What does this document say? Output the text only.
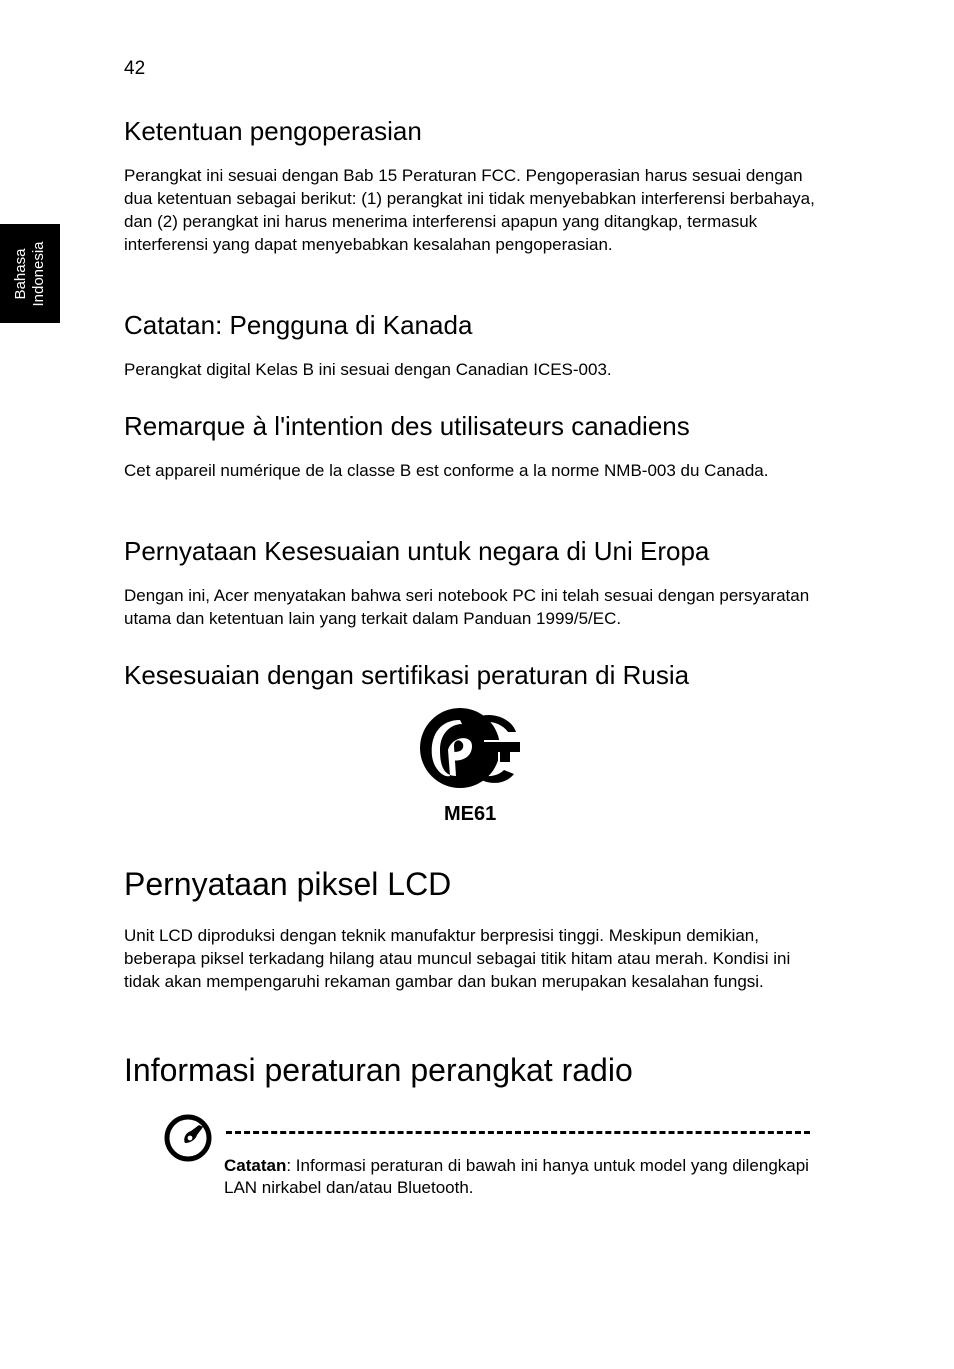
42
Bahasa
Indonesia
Ketentuan pengoperasian

Perangkat ini sesuai dengan Bab 15 Peraturan FCC. Pengoperasian harus sesuai dengan dua ketentuan sebagai berikut: (1) perangkat ini tidak menyebabkan interferensi berbahaya, dan (2) perangkat ini harus menerima interferensi apapun yang ditangkap, termasuk interferensi yang dapat menyebabkan kesalahan pengoperasian.

Catatan: Pengguna di Kanada

Perangkat digital Kelas B ini sesuai dengan Canadian ICES-003.

Remarque à l'intention des utilisateurs canadiens

Cet appareil numérique de la classe B est conforme a la norme NMB-003 du Canada.

Pernyataan Kesesuaian untuk negara di Uni Eropa

Dengan ini, Acer menyatakan bahwa seri notebook PC ini telah sesuai dengan persyaratan utama dan ketentuan lain yang terkait dalam Panduan 1999/5/EC.

Kesesuaian dengan sertifikasi peraturan di Rusia
ME61
Pernyataan piksel LCD

Unit LCD diproduksi dengan teknik manufaktur berpresisi tinggi. Meskipun demikian, beberapa piksel terkadang hilang atau muncul sebagai titik hitam atau merah. Kondisi ini tidak akan mempengaruhi rekaman gambar dan bukan merupakan kesalahan fungsi.

Informasi peraturan perangkat radio

Catatan: Informasi peraturan di bawah ini hanya untuk model yang dilengkapi LAN nirkabel dan/atau Bluetooth.
